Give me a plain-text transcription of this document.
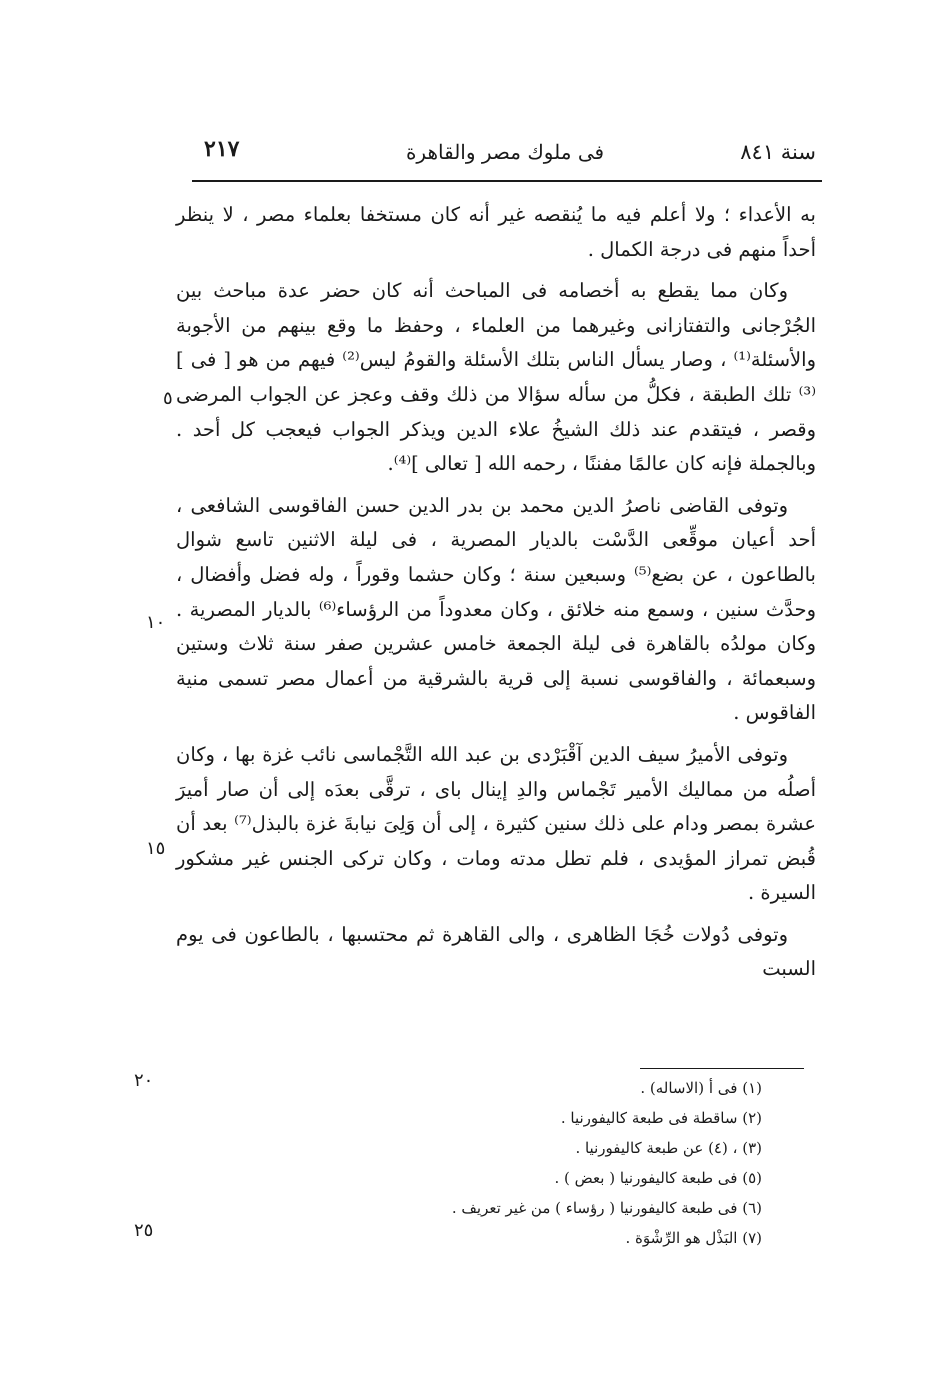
سنة ٨٤١
فى ملوك مصر والقاهرة
٢١٧
٥
١٠
١٥
٢٠
٢٥

به الأعداء ؛ ولا أعلم فيه ما يُنقصه غير أنه كان مستخفا بعلماء مصر ، لا ينظر أحداً منهم فى درجة الكمال .

وكان مما يقطع به أخصامه فى المباحث أنه كان حضر عدة مباحث بين الجُرْجانى والتفتازانى وغيرهما من العلماء ، وحفظ ما وقع بينهم من الأجوبة والأسئلة⁽¹⁾ ، وصار يسأل الناس بتلك الأسئلة والقومُ ليس⁽²⁾ فيهم من هو [ فى ]⁽³⁾ تلك الطبقة ، فكلُّ من سأله سؤالا من ذلك وقف وعجز عن الجواب المرضى وقصر ، فيتقدم عند ذلك الشيخُ علاء الدين ويذكر الجواب فيعجب كل أحد . وبالجملة فإنه كان عالمًا مفننًا ، رحمه الله [ تعالى ]⁽⁴⁾.

وتوفى القاضى ناصرُ الدين محمد بن بدر الدين حسن الفاقوسى الشافعى ، أحد أعيان موقِّعى الدَّسْت بالديار المصرية ، فى ليلة الاثنين تاسع شوال بالطاعون ، عن بضع⁽⁵⁾ وسبعين سنة ؛ وكان حشما وقوراً ، وله فضل وأفضال ، وحدَّث سنين ، وسمع منه خلائق ، وكان معدوداً من الرؤساء⁽⁶⁾ بالديار المصرية . وكان مولدُه بالقاهرة فى ليلة الجمعة خامس عشرين صفر سنة ثلاث وستين وسبعمائة ، والفاقوسى نسبة إلى قرية بالشرقية من أعمال مصر تسمى منية الفاقوس .

وتوفى الأميرُ سيف الدين آقْبَرْدى بن عبد الله التَّجْماسى نائب غزة بها ، وكان أصلُه من مماليك الأمير تَجْماس والدِ إينال باى ، ترقَّى بعدَه إلى أن صار أميرَ عشرة بمصر ودام على ذلك سنين كثيرة ، إلى أن وَلِىَ نيابةَ غزة بالبذل⁽⁷⁾ بعد أن قُبض تمراز المؤيدى ، فلم تطل مدته ومات ، وكان تركى الجنس غير مشكور السيرة .

وتوفى دُولات خُجَا الظاهرى ، والى القاهرة ثم محتسبها ، بالطاعون فى يوم السبت

(١) فى أ (الاساله) .
(٢) ساقطة فى طبعة كاليفورنيا .
(٣) ، (٤) عن طبعة كاليفورنيا .
(٥) فى طبعة كاليفورنيا ( بعض ) .
(٦) فى طبعة كاليفورنيا ( رؤساء ) من غير تعريف .
(٧) البَذْل هو الرِّشْوَة .
